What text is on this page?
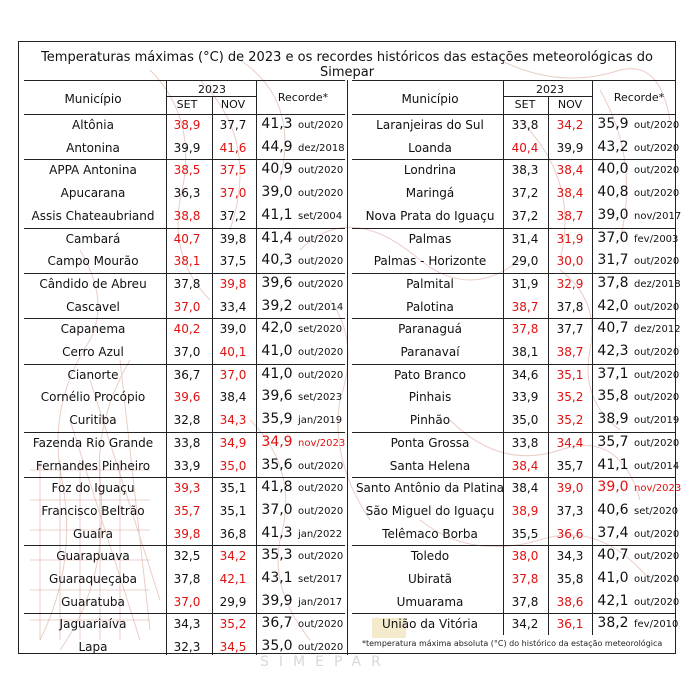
Temperaturas máximas (°C) de 2023 e os recordes históricos das estações meteorológicas do Simepar
Município
2023
SET	NOV
Recorde*
Altônia	38,9	37,7	41,3 out/2020
Antonina	39,9	41,6	44,9 dez/2018
APPA Antonina	38,5	37,5	40,9 out/2020
Apucarana	36,3	37,0	39,0 out/2020
Assis Chateaubriand	38,8	37,2	41,1 set/2004
Cambará	40,7	39,8	41,4 out/2020
Campo Mourão	38,1	37,5	40,3 out/2020
Cândido de Abreu	37,8	39,8	39,6 out/2020
Cascavel	37,0	33,4	39,2 out/2014
Capanema	40,2	39,0	42,0 set/2020
Cerro Azul	37,0	40,1	41,0 out/2020
Cianorte	36,7	37,0	41,0 out/2020
Cornélio Procópio	39,6	38,4	39,6 set/2023
Curitiba	32,8	34,3	35,9 jan/2019
Fazenda Rio Grande	33,8	34,9	34,9 nov/2023
Fernandes Pinheiro	33,9	35,0	35,6 out/2020
Foz do Iguaçu	39,3	35,1	41,8 out/2020
Francisco Beltrão	35,7	35,1	37,0 out/2020
Guaíra	39,8	36,8	41,3 jan/2022
Guarapuava	32,5	34,2	35,3 out/2020
Guaraqueçaba	37,8	42,1	43,1 set/2017
Guaratuba	37,0	29,9	39,9 jan/2017
Jaguariaíva	34,3	35,2	36,7 out/2020
Lapa	32,3	34,5	35,0 out/2020
Município
2023
SET	NOV
Recorde*
Laranjeiras do Sul	33,8	34,2	35,9 out/2020
Loanda	40,4	39,9	43,2 out/2020
Londrina	38,3	38,4	40,0 out/2020
Maringá	37,2	38,4	40,8 out/2020
Nova Prata do Iguaçu	37,2	38,7	39,0 nov/2017
Palmas	31,4	31,9	37,0 fev/2003
Palmas - Horizonte	29,0	30,0	31,7 out/2020
Palmital	31,9	32,9	37,8 dez/2018
Palotina	38,7	37,8	42,0 out/2020
Paranaguá	37,8	37,7	40,7 dez/2012
Paranavaí	38,1	38,7	42,3 out/2020
Pato Branco	34,6	35,1	37,1 out/2020
Pinhais	33,9	35,2	35,8 out/2020
Pinhão	35,0	35,2	38,9 out/2019
Ponta Grossa	33,8	34,4	35,7 out/2020
Santa Helena	38,4	35,7	41,1 out/2014
Santo Antônio da Platina 38,4	39,0	39,0 nov/2023
São Miguel do Iguaçu	38,9	37,3	40,6 set/2020
Telêmaco Borba	35,5	36,6	37,4 out/2020
Toledo	38,0	34,3	40,7 out/2020
Ubiratã	37,8	35,8	41,0 out/2020
Umuarama	37,8	38,6	42,1 out/2020
União da Vitória	34,2	36,1	38,2 fev/2010
*temperatura máxima absoluta (°C) do histórico da estação meteorológica
SIMEPAR
